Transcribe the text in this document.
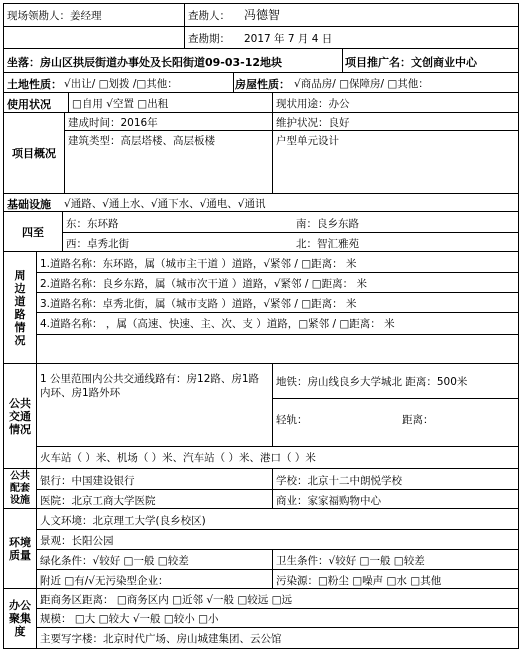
现场领勘人：姜经理	查勘人： 冯德智
查勘期： 2017 年 7 月 4 日
坐落：房山区拱辰街道办事处及长阳街道09-03-12地块	项目推广名：文创商业中心
土地性质： √出让/ □划拨 /□其他：	房屋性质： √商品房/ □保障房/ □其他：
使用状况 □自用 √空置 □出租	现状用途：办公
项目概况
建成时间：2016年	维护状况：良好
建筑类型：高层塔楼、高层板楼	户型单元设计
基础设施 √通路、√通上水、√通下水、√通电、√通讯
四至
东：东环路	南：良乡东路
西：卓秀北街	北：智汇雅苑
周边道路情况
1.道路名称：东环路，属（城市主干道 ）道路，√紧邻 / □距离： 米
2.道路名称：良乡东路，属（城市次干道 ）道路，√紧邻 / □距离： 米
3.道路名称：卓秀北街，属（城市支路 ）道路，√紧邻 / □距离： 米
4.道路名称： ，属（高速、快速、主、次、支 ）道路，□紧邻 / □距离： 米
公共交通情况
1 公里范围内公共交通线路有：房12路、房1路内环、房1路外环
地铁：房山线良乡大学城北 距离：500米
轻轨：	距离：
火车站（ ）米、机场（ ）米、汽车站（ ）米、港口（ ）米
公共配套设施
银行：中国建设银行	学校：北京十二中朗悦学校
医院：北京工商大学医院	商业：家家福购物中心
环境质量
人文环境：北京理工大学(良乡校区)
景观：长阳公园
绿化条件：√较好 □一般 □较差	卫生条件：√较好 □一般 □较差
附近 □有/√无污染型企业：	污染源：□粉尘 □噪声 □水 □其他
办公聚集度
距商务区距离： □商务区内 □近邻 √一般 □较远 □远
规模： □大 □较大 √一般 □较小 □小
主要写字楼：北京时代广场、房山城建集团、云公馆
